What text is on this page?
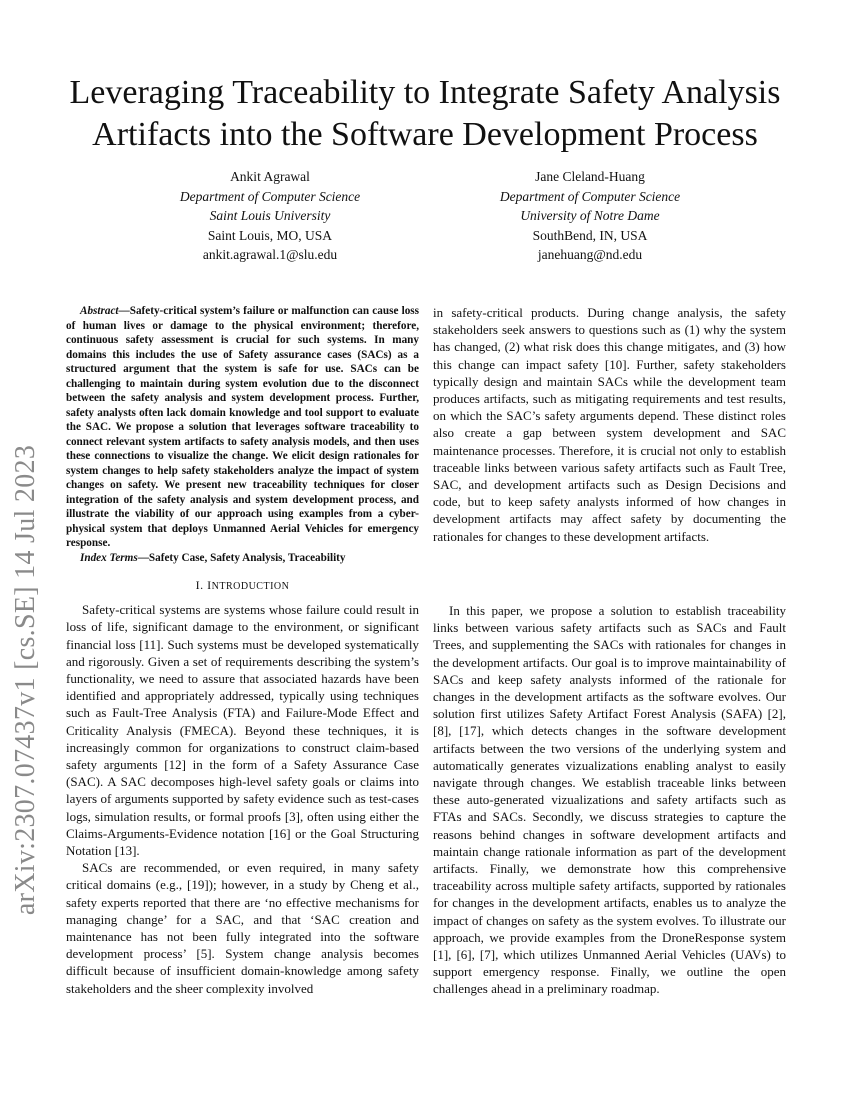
arXiv:2307.07437v1 [cs.SE] 14 Jul 2023
Leveraging Traceability to Integrate Safety Analysis
Artifacts into the Software Development Process
Ankit Agrawal
Department of Computer Science
Saint Louis University
Saint Louis, MO, USA
ankit.agrawal.1@slu.edu
Jane Cleland-Huang
Department of Computer Science
University of Notre Dame
SouthBend, IN, USA
janehuang@nd.edu
Abstract—Safety-critical system’s failure or malfunction can cause loss of human lives or damage to the physical environment; therefore, continuous safety assessment is crucial for such systems. In many domains this includes the use of Safety assurance cases (SACs) as a structured argument that the system is safe for use. SACs can be challenging to maintain during system evolution due to the disconnect between the safety analysis and system development process. Further, safety analysts often lack domain knowledge and tool support to evaluate the SAC. We propose a solution that leverages software traceability to connect relevant system artifacts to safety analysis models, and then uses these connections to visualize the change. We elicit design rationales for system changes to help safety stakeholders analyze the impact of system changes on safety. We present new traceability techniques for closer integration of the safety analysis and system development process, and illustrate the viability of our approach using examples from a cyber-physical system that deploys Unmanned Aerial Vehicles for emergency response.
Index Terms—Safety Case, Safety Analysis, Traceability

in safety-critical products. During change analysis, the safety stakeholders seek answers to questions such as (1) why the system has changed, (2) what risk does this change mitigates, and (3) how this change can impact safety [10]. Further, safety stakeholders typically design and maintain SACs while the development team produces artifacts, such as mitigating requirements and test results, on which the SAC’s safety arguments depend. These distinct roles also create a gap between system development and SAC maintenance processes. Therefore, it is crucial not only to establish traceable links between various safety artifacts such as Fault Tree, SAC, and development artifacts such as Design Decisions and code, but to keep safety analysts informed of how changes in development artifacts may affect safety by documenting the rationales for changes to these development artifacts.

I. INTRODUCTION

Safety-critical systems are systems whose failure could result in loss of life, significant damage to the environment, or significant financial loss [11]. Such systems must be developed systematically and rigorously. Given a set of requirements describing the system’s functionality, we need to assure that associated hazards have been identified and appropriately addressed, typically using techniques such as Fault-Tree Analysis (FTA) and Failure-Mode Effect and Criticality Analysis (FMECA). Beyond these techniques, it is increasingly common for organizations to construct claim-based safety arguments [12] in the form of a Safety Assurance Case (SAC). A SAC decomposes high-level safety goals or claims into layers of arguments supported by safety evidence such as test-cases logs, simulation results, or formal proofs [3], often using either the Claims-Arguments-Evidence notation [16] or the Goal Structuring Notation [13].

SACs are recommended, or even required, in many safety critical domains (e.g., [19]); however, in a study by Cheng et al., safety experts reported that there are ‘no effective mechanisms for managing change’ for a SAC, and that ‘SAC creation and maintenance has not been fully integrated into the software development process’ [5]. System change analysis becomes difficult because of insufficient domain-knowledge among safety stakeholders and the sheer complexity involved

In this paper, we propose a solution to establish traceability links between various safety artifacts such as SACs and Fault Trees, and supplementing the SACs with rationales for changes in the development artifacts. Our goal is to improve maintainability of SACs and keep safety analysts informed of the rationale for changes in the development artifacts as the software evolves. Our solution first utilizes Safety Artifact Forest Analysis (SAFA) [2], [8], [17], which detects changes in the software development artifacts between the two versions of the underlying system and automatically generates vizualizations enabling analyst to easily navigate through changes. We establish traceable links between these auto-generated vizualizations and safety artifacts such as FTAs and SACs. Secondly, we discuss strategies to capture the reasons behind changes in software development artifacts and maintain change rationale information as part of the development artifacts. Finally, we demonstrate how this comprehensive traceability across multiple safety artifacts, supported by rationales for changes in the development artifacts, enables us to analyze the impact of changes on safety as the system evolves. To illustrate our approach, we provide examples from the DroneResponse system [1], [6], [7], which utilizes Unmanned Aerial Vehicles (UAVs) to support emergency response. Finally, we outline the open challenges ahead in a preliminary roadmap.
